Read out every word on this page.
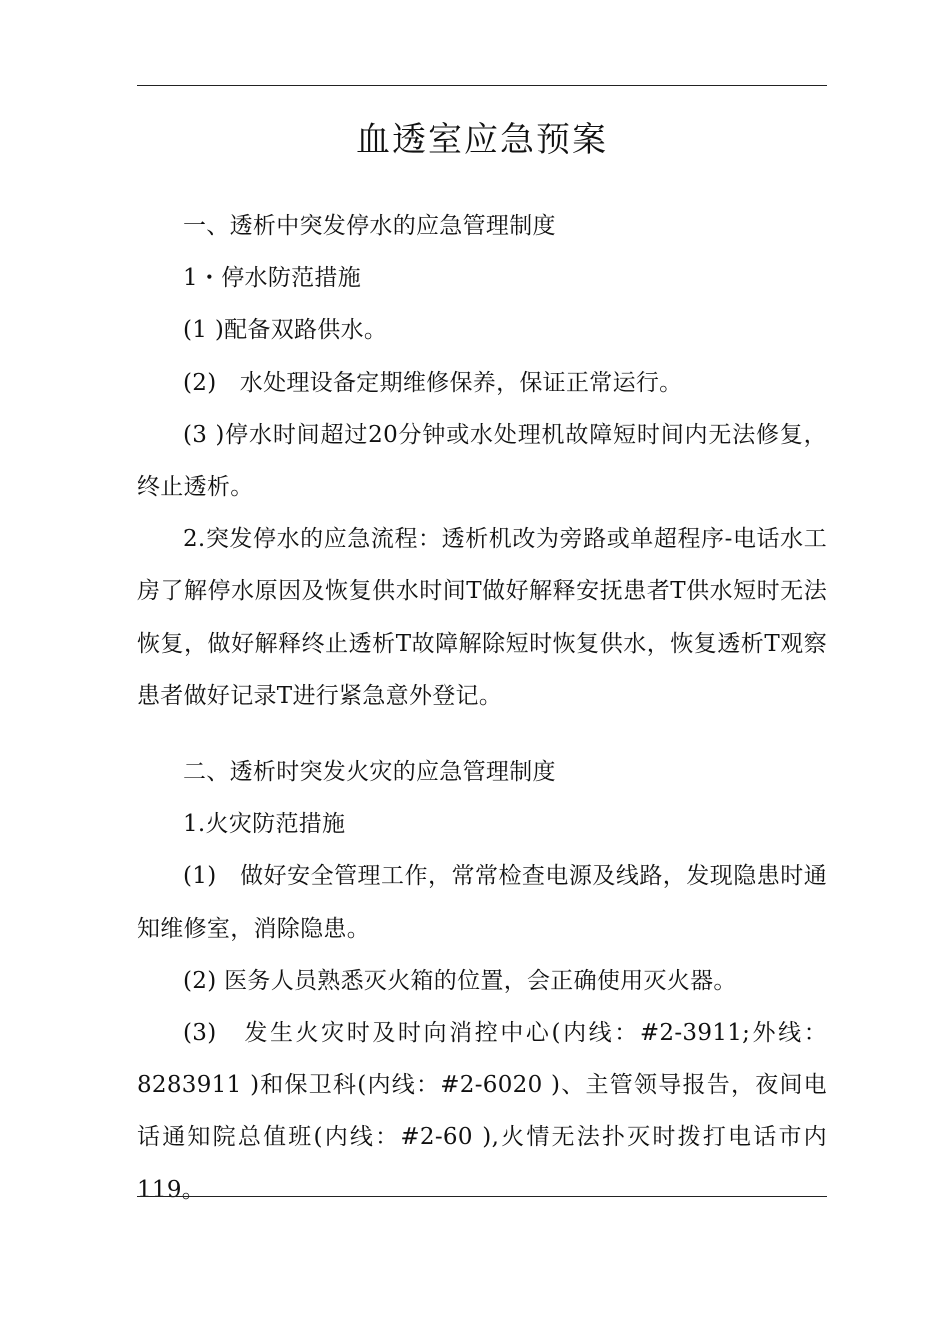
血透室应急预案

一、透析中突发停水的应急管理制度

1・停水防范措施

(1 )配备双路供水。

(2)　水处理设备定期维修保养，保证正常运行。

(3 )停水时间超过20分钟或水处理机故障短时间内无法修复，终止透析。

2.突发停水的应急流程：透析机改为旁路或单超程序-电话水工房了解停水原因及恢复供水时间T做好解释安抚患者T供水短时无法恢复，做好解释终止透析T故障解除短时恢复供水，恢复透析T观察患者做好记录T进行紧急意外登记。

二、透析时突发火灾的应急管理制度

1.火灾防范措施

(1)　做好安全管理工作，常常检查电源及线路，发现隐患时通知维修室，消除隐患。

(2) 医务人员熟悉灭火箱的位置，会正确使用灭火器。

(3)　发生火灾时及时向消控中心(内线：#2-3911;外线：8283911 )和保卫科(内线：#2-6020 )、主管领导报告，夜间电话通知院总值班(内线：#2-60 ),火情无法扑灭时拨打电话市内119。
